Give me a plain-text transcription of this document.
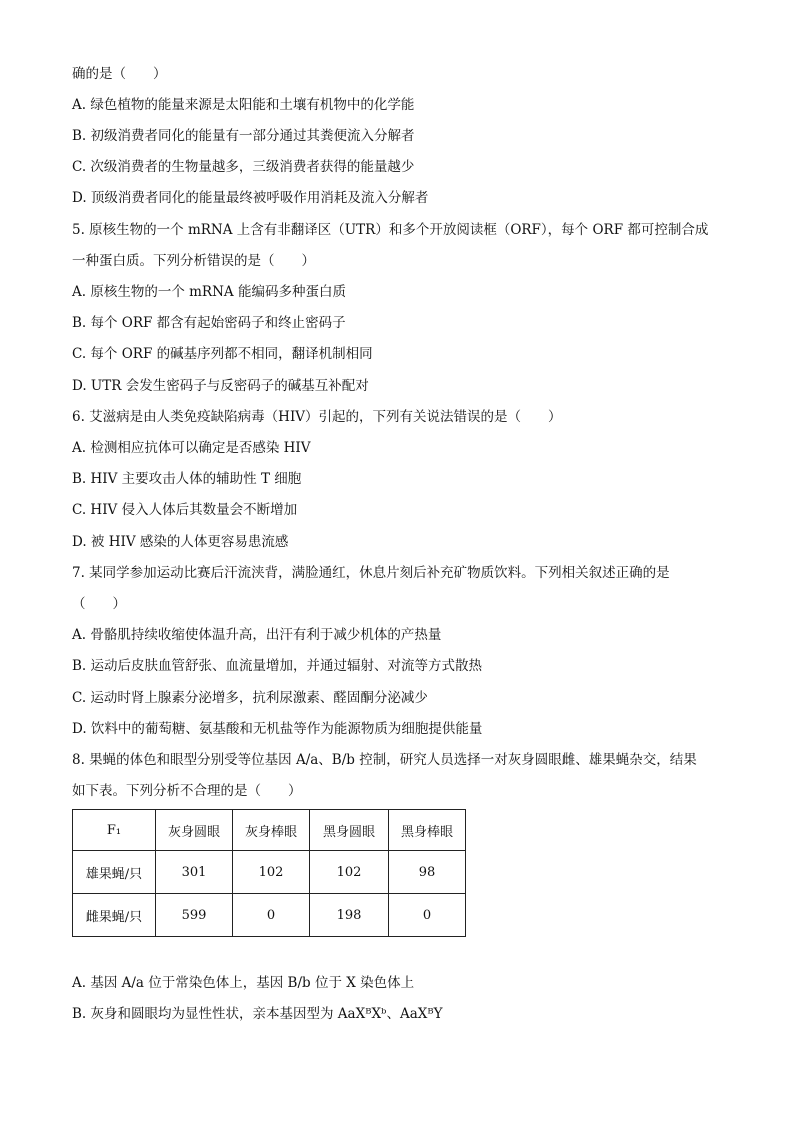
确的是（　　）
A. 绿色植物的能量来源是太阳能和土壤有机物中的化学能
B. 初级消费者同化的能量有一部分通过其粪便流入分解者
C. 次级消费者的生物量越多，三级消费者获得的能量越少
D. 顶级消费者同化的能量最终被呼吸作用消耗及流入分解者
5. 原核生物的一个 mRNA 上含有非翻译区（UTR）和多个开放阅读框（ORF），每个 ORF 都可控制合成
一种蛋白质。下列分析错误的是（　　）
A. 原核生物的一个 mRNA 能编码多种蛋白质
B. 每个 ORF 都含有起始密码子和终止密码子
C. 每个 ORF 的碱基序列都不相同，翻译机制相同
D. UTR 会发生密码子与反密码子的碱基互补配对
6. 艾滋病是由人类免疫缺陷病毒（HIV）引起的，下列有关说法错误的是（　　）
A. 检测相应抗体可以确定是否感染 HIV
B. HIV 主要攻击人体的辅助性 T 细胞
C. HIV 侵入人体后其数量会不断增加
D. 被 HIV 感染的人体更容易患流感
7. 某同学参加运动比赛后汗流浃背，满脸通红，休息片刻后补充矿物质饮料。下列相关叙述正确的是
（　　）
A. 骨骼肌持续收缩使体温升高，出汗有利于减少机体的产热量
B. 运动后皮肤血管舒张、血流量增加，并通过辐射、对流等方式散热
C. 运动时肾上腺素分泌增多，抗利尿激素、醛固酮分泌减少
D. 饮料中的葡萄糖、氨基酸和无机盐等作为能源物质为细胞提供能量
8. 果蝇的体色和眼型分别受等位基因 A/a、B/b 控制，研究人员选择一对灰身圆眼雌、雄果蝇杂交，结果
如下表。下列分析不合理的是（　　）
F₁	灰身圆眼	灰身棒眼	黑身圆眼	黑身棒眼
雄果蝇/只	301	102	102	98
雌果蝇/只	599	0	198	0
A. 基因 A/a 位于常染色体上，基因 B/b 位于 X 染色体上
B. 灰身和圆眼均为显性性状，亲本基因型为 AaXᴮXᵇ、AaXᴮY
